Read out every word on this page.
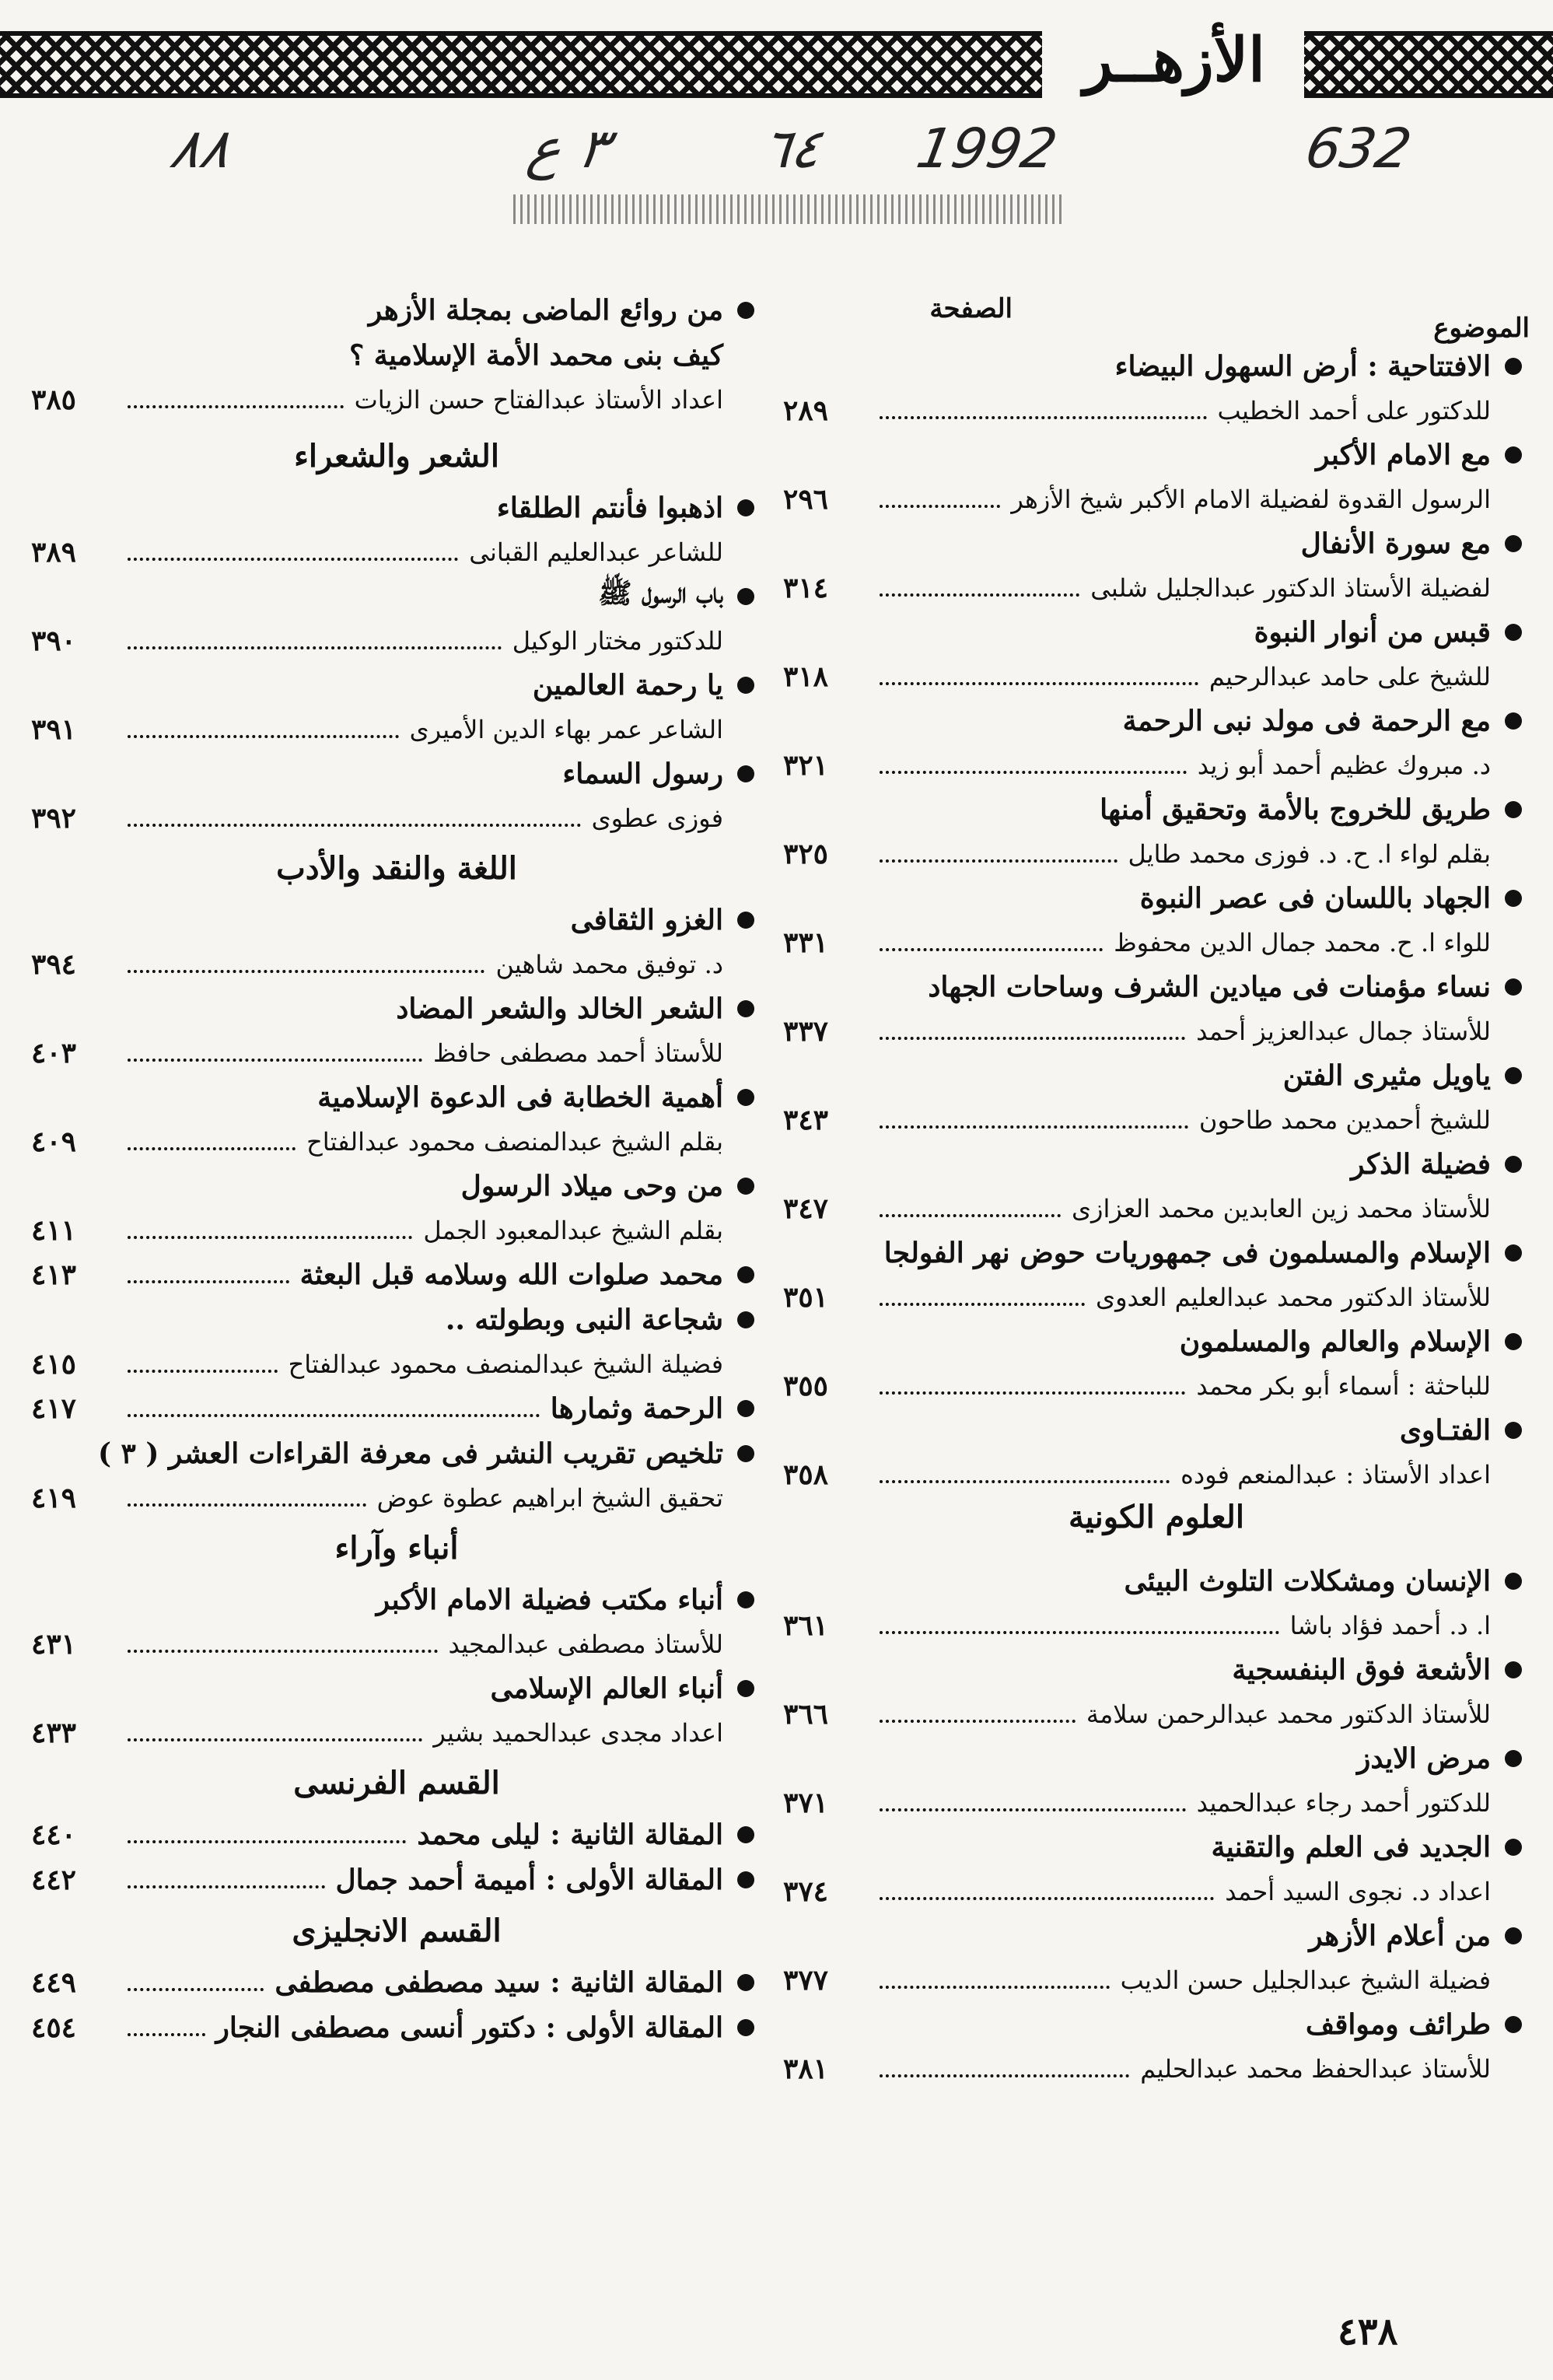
الأزهــر
632
1992
٦٤
٣ ع
٨٨
الموضوع
الصفحة
الافتتاحية : أرض السهول البيضاء
للدكتور على أحمد الخطيب
٢٨٩
مع الامام الأكبر
الرسول القدوة لفضيلة الامام الأكبر شيخ الأزهر
٢٩٦
مع سورة الأنفال
لفضيلة الأستاذ الدكتور عبدالجليل شلبى
٣١٤
قبس من أنوار النبوة
للشيخ على حامد عبدالرحيم
٣١٨
مع الرحمة فى مولد نبى الرحمة
د. مبروك عظيم أحمد أبو زيد
٣٢١
طريق للخروج بالأمة وتحقيق أمنها
بقلم لواء ا. ح. د. فوزى محمد طايل
٣٢٥
الجهاد باللسان فى عصر النبوة
للواء ا. ح. محمد جمال الدين محفوظ
٣٣١
نساء مؤمنات فى ميادين الشرف وساحات الجهاد
للأستاذ جمال عبدالعزيز أحمد
٣٣٧
ياويل مثيرى الفتن
للشيخ أحمدين محمد طاحون
٣٤٣
فضيلة الذكر
للأستاذ محمد زين العابدين محمد العزازى
٣٤٧
الإسلام والمسلمون فى جمهوريات حوض نهر الفولجا
للأستاذ الدكتور محمد عبدالعليم العدوى
٣٥١
الإسلام والعالم والمسلمون
للباحثة : أسماء أبو بكر محمد
٣٥٥
الفتـاوى
اعداد الأستاذ : عبدالمنعم فوده
٣٥٨
العلوم الكونية
الإنسان ومشكلات التلوث البيئى
ا. د. أحمد فؤاد باشا
٣٦١
الأشعة فوق البنفسجية
للأستاذ الدكتور محمد عبدالرحمن سلامة
٣٦٦
مرض الايدز
للدكتور أحمد رجاء عبدالحميد
٣٧١
الجديد فى العلم والتقنية
اعداد د. نجوى السيد أحمد
٣٧٤
من أعلام الأزهر
فضيلة الشيخ عبدالجليل حسن الديب
٣٧٧
طرائف ومواقف
للأستاذ عبدالحفظ محمد عبدالحليم
٣٨١
من روائع الماضى بمجلة الأزهر
كيف بنى محمد الأمة الإسلامية ؟
اعداد الأستاذ عبدالفتاح حسن الزيات
٣٨٥
الشعر والشعراء
اذهبوا فأنتم الطلقاء
للشاعر عبدالعليم القبانى
٣٨٩
باب الرسول ﷺ
للدكتور مختار الوكيل
٣٩٠
يا رحمة العالمين
الشاعر عمر بهاء الدين الأميرى
٣٩١
رسول السماء
فوزى عطوى
٣٩٢
اللغة والنقد والأدب
الغزو الثقافى
د. توفيق محمد شاهين
٣٩٤
الشعر الخالد والشعر المضاد
للأستاذ أحمد مصطفى حافظ
٤٠٣
أهمية الخطابة فى الدعوة الإسلامية
بقلم الشيخ عبدالمنصف محمود عبدالفتاح
٤٠٩
من وحى ميلاد الرسول
بقلم الشيخ عبدالمعبود الجمل
٤١١
محمد صلوات الله وسلامه قبل البعثة
٤١٣
شجاعة النبى وبطولته ..
فضيلة الشيخ عبدالمنصف محمود عبدالفتاح
٤١٥
الرحمة وثمارها
٤١٧
تلخيص تقريب النشر فى معرفة القراءات العشر ( ٣ )
تحقيق الشيخ ابراهيم عطوة عوض
٤١٩
أنباء وآراء
أنباء مكتب فضيلة الامام الأكبر
للأستاذ مصطفى عبدالمجيد
٤٣١
أنباء العالم الإسلامى
اعداد مجدى عبدالحميد بشير
٤٣٣
القسم الفرنسى
المقالة الثانية : ليلى محمد
٤٤٠
المقالة الأولى : أميمة أحمد جمال
٤٤٢
القسم الانجليزى
المقالة الثانية : سيد مصطفى مصطفى
٤٤٩
المقالة الأولى : دكتور أنسى مصطفى النجار
٤٥٤
٤٣٨
